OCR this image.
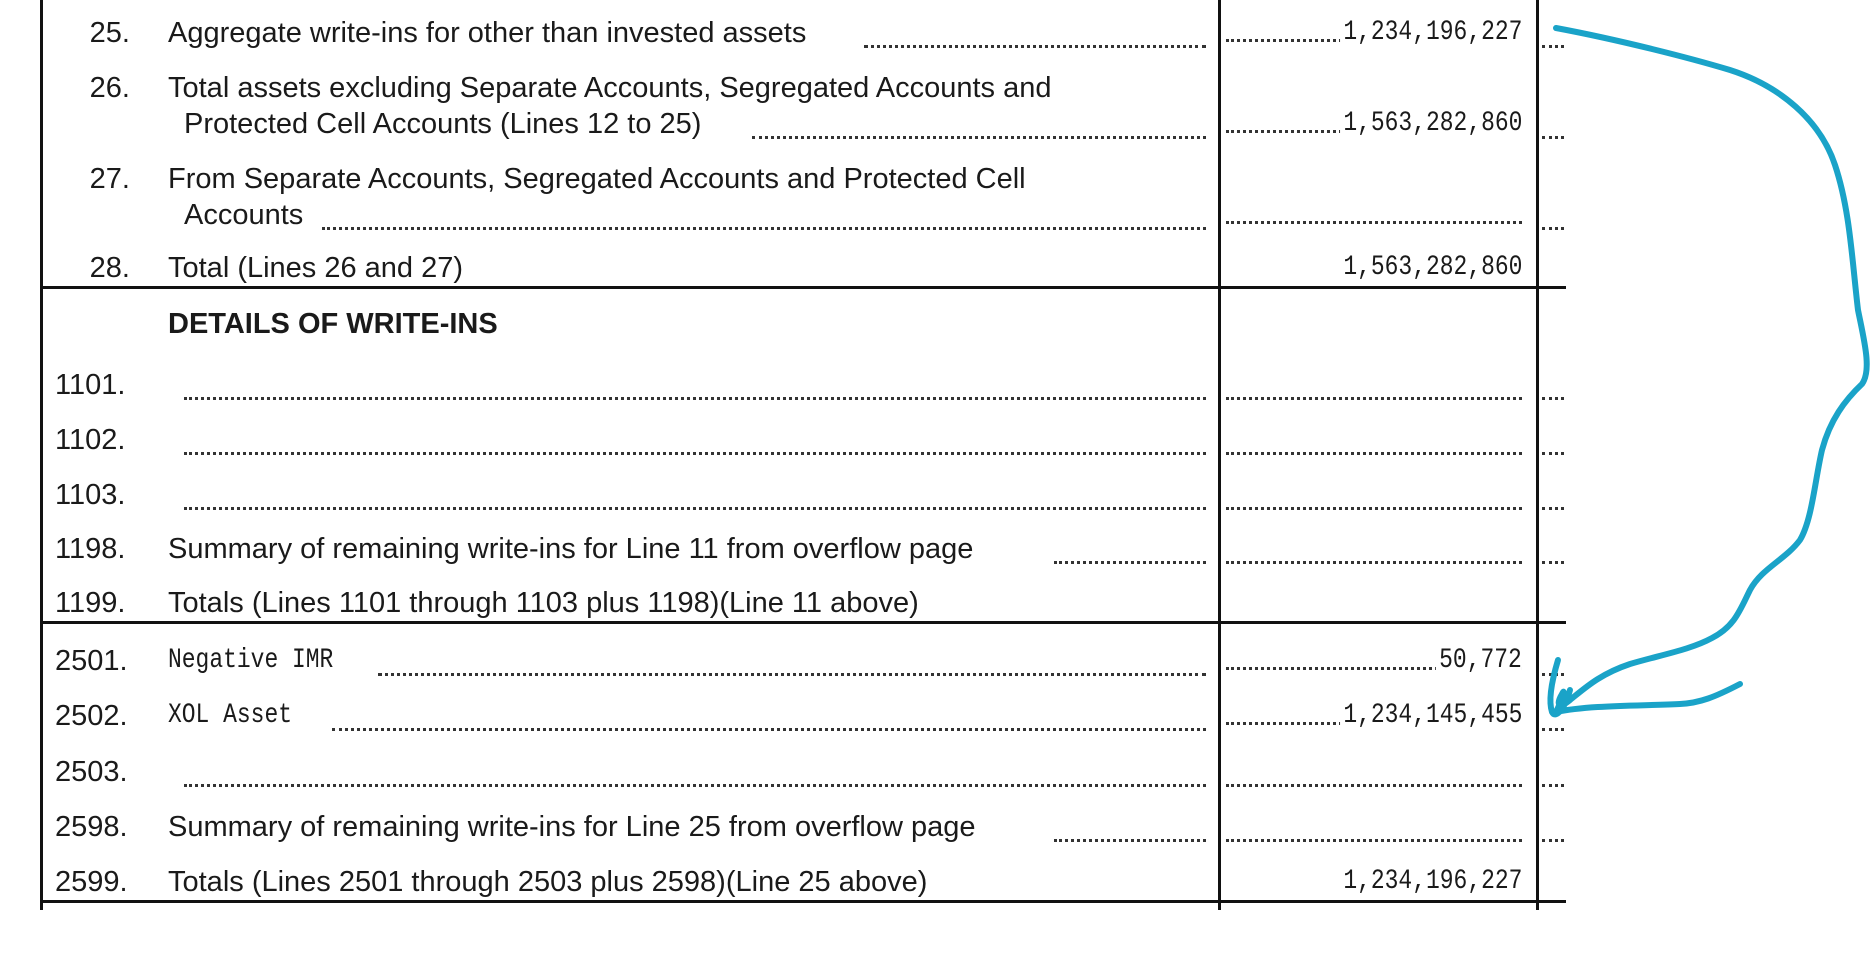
25. Aggregate write-ins for other than invested assets	1,234,196,227
26. Total assets excluding Separate Accounts, Segregated Accounts and
Protected Cell Accounts (Lines 12 to 25)	1,563,282,860
27. From Separate Accounts, Segregated Accounts and Protected Cell
Accounts
28. Total (Lines 26 and 27)	1,563,282,860
DETAILS OF WRITE-INS
1101.
1102.
1103.
1198. Summary of remaining write-ins for Line 11 from overflow page
1199. Totals (Lines 1101 through 1103 plus 1198)(Line 11 above)
2501. Negative IMR	50,772
2502. XOL Asset	1,234,145,455
2503.
2598. Summary of remaining write-ins for Line 25 from overflow page
2599. Totals (Lines 2501 through 2503 plus 2598)(Line 25 above)	1,234,196,227
